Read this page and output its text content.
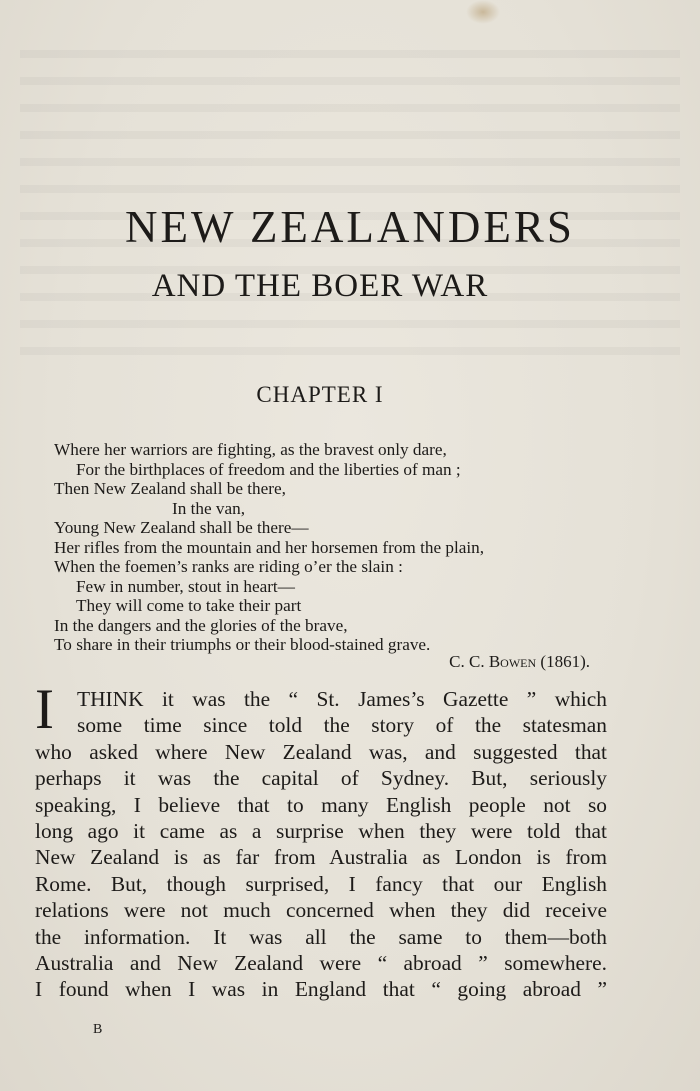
NEW ZEALANDERS
AND THE BOER WAR
CHAPTER I
Where her warriors are fighting, as the bravest only dare,
For the birthplaces of freedom and the liberties of man ;
Then New Zealand shall be there,
In the van,
Young New Zealand shall be there—
Her rifles from the mountain and her horsemen from the plain,
When the foemen’s ranks are riding o’er the slain :
Few in number, stout in heart—
They will come to take their part
In the dangers and the glories of the brave,
To share in their triumphs or their blood-stained grave.
C. C. Bowen (1861).
I	THINK it was the “ St. James’s Gazette ” which
some time since told the story of the statesman
who asked where New Zealand was, and suggested that
perhaps it was the capital of Sydney. But, seriously
speaking, I believe that to many English people not so
long ago it came as a surprise when they were told that
New Zealand is as far from Australia as London is from
Rome. But, though surprised, I fancy that our English
relations were not much concerned when they did receive
the information. It was all the same to them—both
Australia and New Zealand were “ abroad ” somewhere.
I found when I was in England that “ going abroad ”
B
